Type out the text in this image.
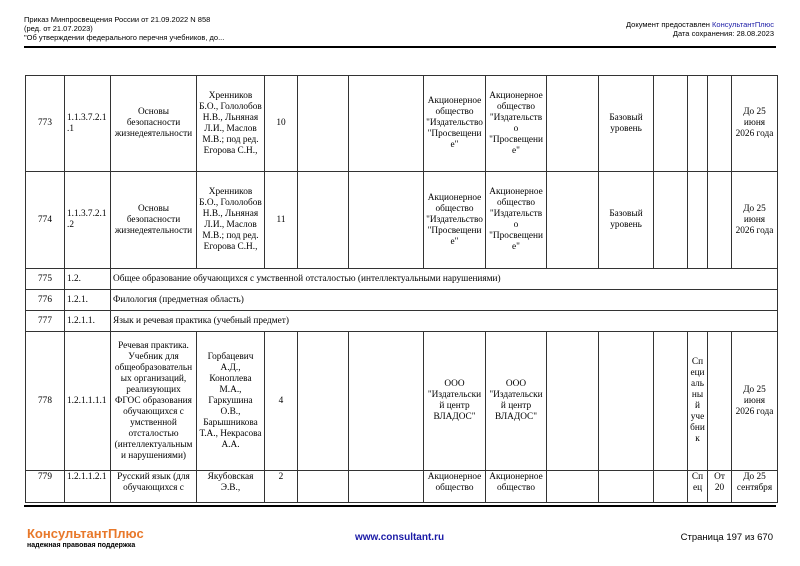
Приказ Минпросвещения России от 21.09.2022 N 858
(ред. от 21.07.2023)
"Об утверждении федерального перечня учебников, до...
Документ предоставлен КонсультантПлюс
Дата сохранения: 28.08.2023
773	1.1.3.7.2.1.1	Основы безопасности жизнедеятельности	Хренников Б.О., Гололобов Н.В., Льняная Л.И., Маслов М.В.; под ред. Егорова С.Н.,	10			Акционерное общество "Издательство "Просвещение"	Акционерное общество "Издательство "Просвещение"		Базовый уровень				До 25 июня 2026 года
774	1.1.3.7.2.1.2	Основы безопасности жизнедеятельности	Хренников Б.О., Гололобов Н.В., Льняная Л.И., Маслов М.В.; под ред. Егорова С.Н.,	11			Акционерное общество "Издательство "Просвещение"	Акционерное общество "Издательство "Просвещение"		Базовый уровень				До 25 июня 2026 года
775	1.2.	Общее образование обучающихся с умственной отсталостью (интеллектуальными нарушениями)												
776	1.2.1.	Филология (предметная область)												
777	1.2.1.1.	Язык и речевая практика (учебный предмет)												
778	1.2.1.1.1.1	Речевая практика. Учебник для общеобразовательных организаций, реализующих ФГОС образования обучающихся с умственной отсталостью (интеллектуальными нарушениями)	Горбацевич А.Д., Коноплева М.А., Гаркушина О.В., Барышникова Т.А., Некрасова А.А.	4			ООО "Издательский центр ВЛАДОС"	ООО "Издательский центр ВЛАДОС"				Специальный учебник		До 25 июня 2026 года
779	1.2.1.1.2.1	Русский язык (для обучающихся с	Якубовская Э.В.,	2			Акционерное общество	Акционерное общество				Спец	От 20	До 25 сентября
КонсультантПлюс
надежная правовая поддержка
www.consultant.ru	Страница 197 из 670
